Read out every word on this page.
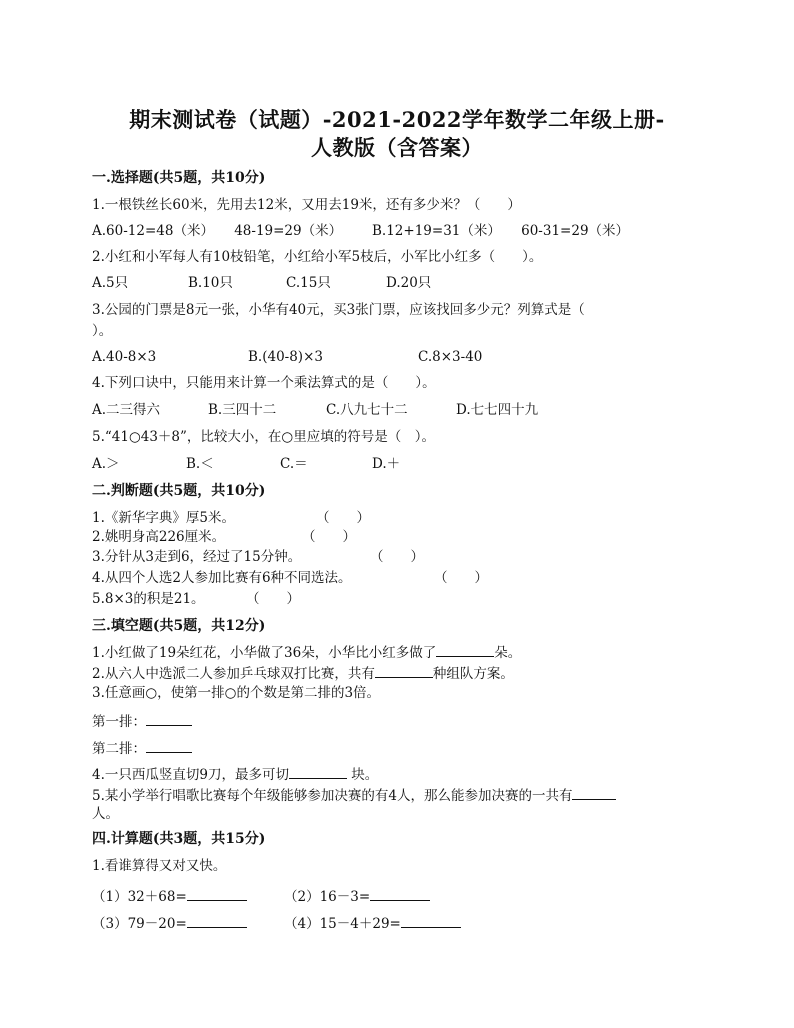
期末测试卷（试题）-2021-2022学年数学二年级上册-
人教版（含答案）
一.选择题(共5题，共10分)
1.一根铁丝长60米，先用去12米，又用去19米，还有多少米？（　　）
A.60-12=48（米）　　48-19=29（米） B.12+19=31（米）　　60-31=29（米）
2.小红和小军每人有10枝铅笔，小红给小军5枝后，小军比小红多（　　）。
A.5只	B.10只	C.15只	D.20只
3.公园的门票是8元一张，小华有40元，买3张门票，应该找回多少元？列算式是（
）。
A.40-8×3	B.(40-8)×3	C.8×3-40
4.下列口诀中，只能用来计算一个乘法算式的是（　　）。
A.二三得六	B.三四十二	C.八九七十二	D.七七四十九
5.“41○43＋8”，比较大小，在○里应填的符号是（　）。
A.＞	B.＜	C.＝	D.＋
二.判断题(共5题，共10分)
1.《新华字典》厚5米。	（　　）
2.姚明身高226厘米。	（　　）
3.分针从3走到6，经过了15分钟。	（　　）
4.从四个人选2人参加比赛有6种不同选法。	（　　）
5.8×3的积是21。	（　　）
三.填空题(共5题，共12分)
1.小红做了19朵红花，小华做了36朵，小华比小红多做了	朵。
2.从六人中选派二人参加乒乓球双打比赛，共有	种组队方案。
3.任意画○，使第一排○的个数是第二排的3倍。
第一排：
第二排：
4.一只西瓜竖直切9刀，最多可切	块。
5.某小学举行唱歌比赛每个年级能够参加决赛的有4人，那么能参加决赛的一共有
人。
四.计算题(共3题，共15分)
1.看谁算得又对又快。
（1）32＋68=	（2）16－3=
（3）79－20=	（4）15－4＋29=
